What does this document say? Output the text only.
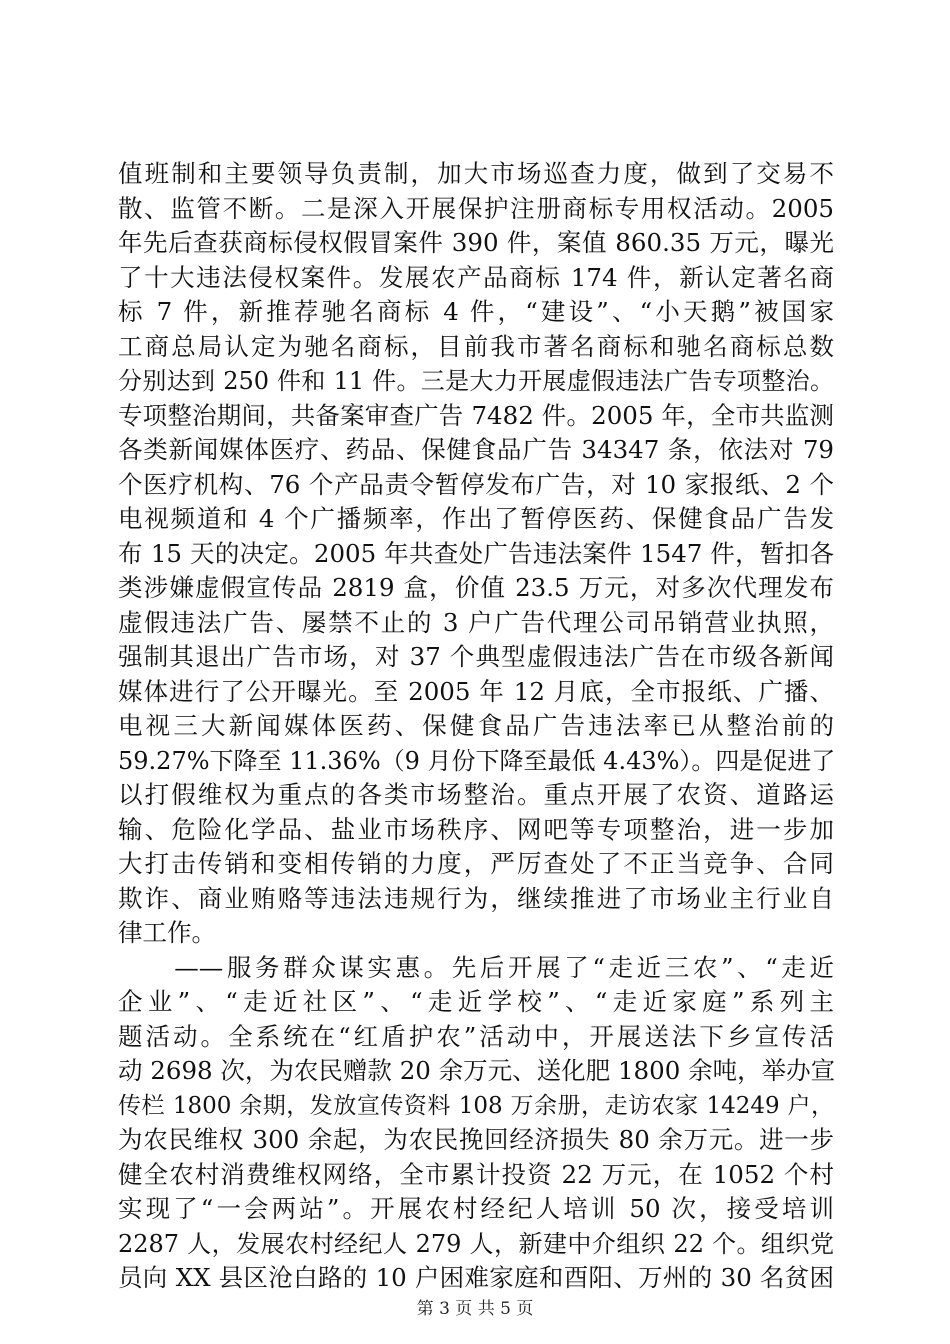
值班制和主要领导负责制，加大市场巡查力度，做到了交易不
散、监管不断。二是深入开展保护注册商标专用权活动。2005
年先后查获商标侵权假冒案件 390 件，案值 860.35 万元，曝光
了十大违法侵权案件。发展农产品商标 174 件，新认定著名商
标 7 件，新推荐驰名商标 4 件，“建设”、“小天鹅”被国家
工商总局认定为驰名商标，目前我市著名商标和驰名商标总数
分别达到 250 件和 11 件。三是大力开展虚假违法广告专项整治。
专项整治期间，共备案审查广告 7482 件。2005 年，全市共监测
各类新闻媒体医疗、药品、保健食品广告 34347 条，依法对 79
个医疗机构、76 个产品责令暂停发布广告，对 10 家报纸、2 个
电视频道和 4 个广播频率，作出了暂停医药、保健食品广告发
布 15 天的决定。2005 年共查处广告违法案件 1547 件，暂扣各
类涉嫌虚假宣传品 2819 盒，价值 23.5 万元，对多次代理发布
虚假违法广告、屡禁不止的 3 户广告代理公司吊销营业执照，
强制其退出广告市场，对 37 个典型虚假违法广告在市级各新闻
媒体进行了公开曝光。至 2005 年 12 月底，全市报纸、广播、
电视三大新闻媒体医药、保健食品广告违法率已从整治前的
59.27%下降至 11.36%（9 月份下降至最低 4.43%）。四是促进了
以打假维权为重点的各类市场整治。重点开展了农资、道路运
输、危险化学品、盐业市场秩序、网吧等专项整治，进一步加
大打击传销和变相传销的力度，严厉查处了不正当竞争、合同
欺诈、商业贿赂等违法违规行为，继续推进了市场业主行业自
律工作。
　　——服务群众谋实惠。先后开展了“走近三农”、“走近
企业”、“走近社区”、“走近学校”、“走近家庭”系列主
题活动。全系统在“红盾护农”活动中，开展送法下乡宣传活
动 2698 次，为农民赠款 20 余万元、送化肥 1800 余吨，举办宣
传栏 1800 余期，发放宣传资料 108 万余册，走访农家 14249 户，
为农民维权 300 余起，为农民挽回经济损失 80 余万元。进一步
健全农村消费维权网络，全市累计投资 22 万元，在 1052 个村
实现了“一会两站”。开展农村经纪人培训 50 次，接受培训
2287 人，发展农村经纪人 279 人，新建中介组织 22 个。组织党
员向 XX 县区沧白路的 10 户困难家庭和酉阳、万州的 30 名贫困
第 3 页 共 5 页
